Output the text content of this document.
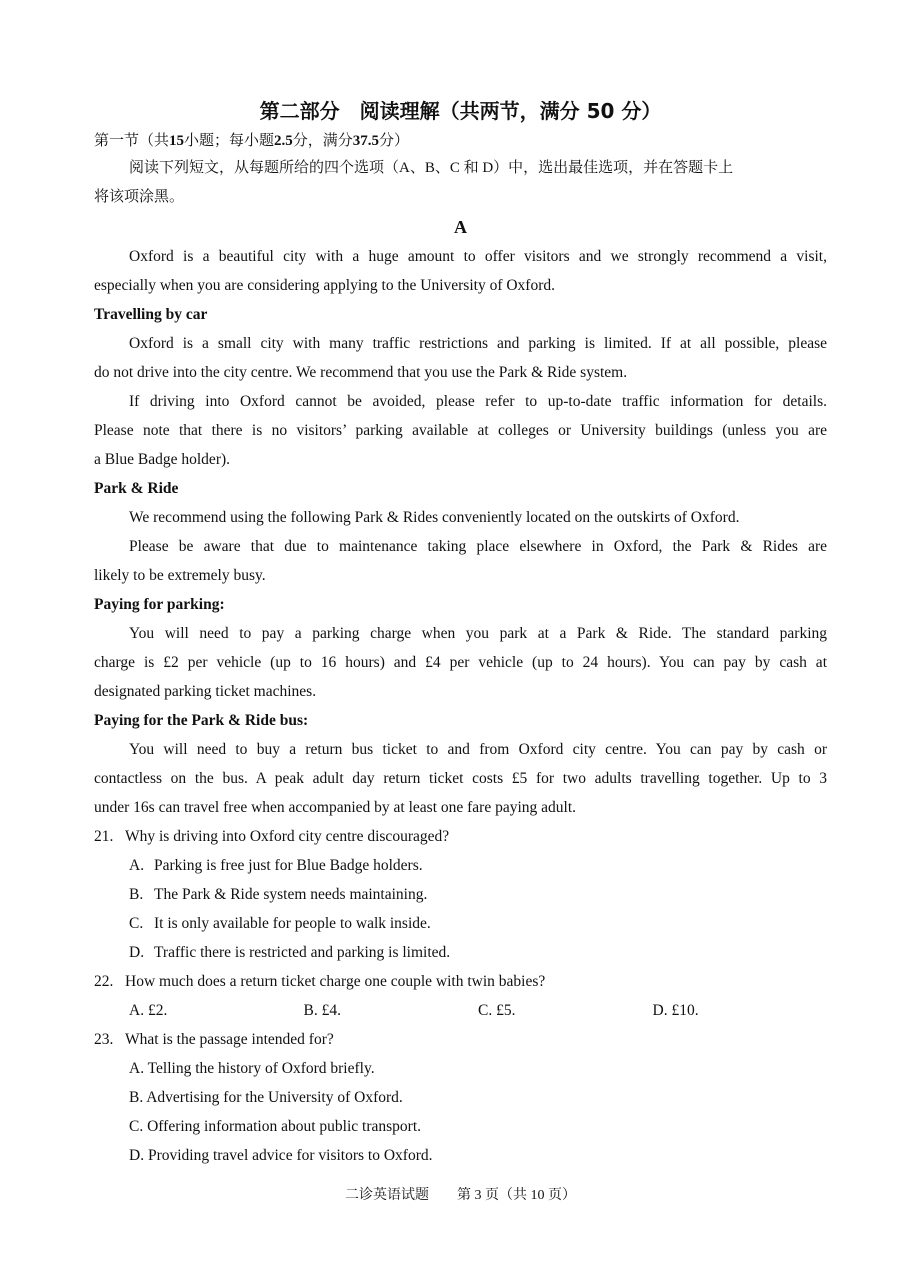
第二部分　阅读理解（共两节，满分 50 分）
第一节（共15小题；每小题2.5分，满分37.5分）
阅读下列短文，从每题所给的四个选项（A、B、C 和 D）中，选出最佳选项，并在答题卡上
将该项涂黑。
A
Oxford is a beautiful city with a huge amount to offer visitors and we strongly recommend a visit,
especially when you are considering applying to the University of Oxford.
Travelling by car
Oxford is a small city with many traffic restrictions and parking is limited. If at all possible, please
do not drive into the city centre. We recommend that you use the Park & Ride system.
If driving into Oxford cannot be avoided, please refer to up-to-date traffic information for details.
Please note that there is no visitors’ parking available at colleges or University buildings (unless you are
a Blue Badge holder).
Park & Ride
We recommend using the following Park & Rides conveniently located on the outskirts of Oxford.
Please be aware that due to maintenance taking place elsewhere in Oxford, the Park & Rides are
likely to be extremely busy.
Paying for parking:
You will need to pay a parking charge when you park at a Park & Ride. The standard parking
charge is £2 per vehicle (up to 16 hours) and £4 per vehicle (up to 24 hours). You can pay by cash at
designated parking ticket machines.
Paying for the Park & Ride bus:
You will need to buy a return bus ticket to and from Oxford city centre. You can pay by cash or
contactless on the bus. A peak adult day return ticket costs £5 for two adults travelling together. Up to 3
under 16s can travel free when accompanied by at least one fare paying adult.
21. Why is driving into Oxford city centre discouraged?
A. Parking is free just for Blue Badge holders.
B. The Park & Ride system needs maintaining.
C. It is only available for people to walk inside.
D. Traffic there is restricted and parking is limited.
22. How much does a return ticket charge one couple with twin babies?
A. £2.	B. £4.	C. £5.	D. £10.
23. What is the passage intended for?
A. Telling the history of Oxford briefly.
B. Advertising for the University of Oxford.
C. Offering information about public transport.
D. Providing travel advice for visitors to Oxford.
二诊英语试题　　第 3 页（共 10 页）
